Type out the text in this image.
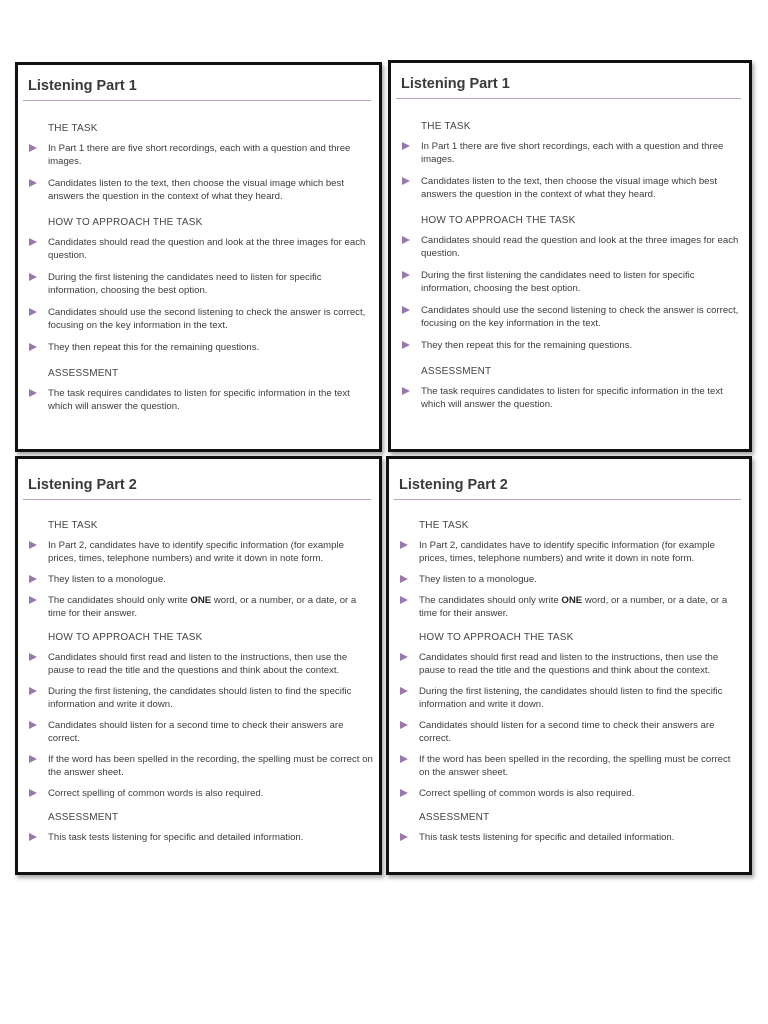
Listening Part 1
THE TASK
In Part 1 there are five short recordings, each with a question and three images.
Candidates listen to the text, then choose the visual image which best answers the question in the context of what they heard.
HOW TO APPROACH THE TASK
Candidates should read the question and look at the three images for each question.
During the first listening the candidates need to listen for specific information, choosing the best option.
Candidates should use the second listening to check the answer is correct, focusing on the key information in the text.
They then repeat this for the remaining questions.
ASSESSMENT
The task requires candidates to listen for specific information in the text which will answer the question.
Listening Part 1
THE TASK
In Part 1 there are five short recordings, each with a question and three images.
Candidates listen to the text, then choose the visual image which best answers the question in the context of what they heard.
HOW TO APPROACH THE TASK
Candidates should read the question and look at the three images for each question.
During the first listening the candidates need to listen for specific information, choosing the best option.
Candidates should use the second listening to check the answer is correct, focusing on the key information in the text.
They then repeat this for the remaining questions.
ASSESSMENT
The task requires candidates to listen for specific information in the text which will answer the question.
Listening Part 2
THE TASK
In Part 2, candidates have to identify specific information (for example prices, times, telephone numbers) and write it down in note form.
They listen to a monologue.
The candidates should only write ONE word, or a number, or a date, or a time for their answer.
HOW TO APPROACH THE TASK
Candidates should first read and listen to the instructions, then use the pause to read the title and the questions and think about the context.
During the first listening, the candidates should listen to find the specific information and write it down.
Candidates should listen for a second time to check their answers are correct.
If the word has been spelled in the recording, the spelling must be correct on the answer sheet.
Correct spelling of common words is also required.
ASSESSMENT
This task tests listening for specific and detailed information.
Listening Part 2
THE TASK
In Part 2, candidates have to identify specific information (for example prices, times, telephone numbers) and write it down in note form.
They listen to a monologue.
The candidates should only write ONE word, or a number, or a date, or a time for their answer.
HOW TO APPROACH THE TASK
Candidates should first read and listen to the instructions, then use the pause to read the title and the questions and think about the context.
During the first listening, the candidates should listen to find the specific information and write it down.
Candidates should listen for a second time to check their answers are correct.
If the word has been spelled in the recording, the spelling must be correct on the answer sheet.
Correct spelling of common words is also required.
ASSESSMENT
This task tests listening for specific and detailed information.
